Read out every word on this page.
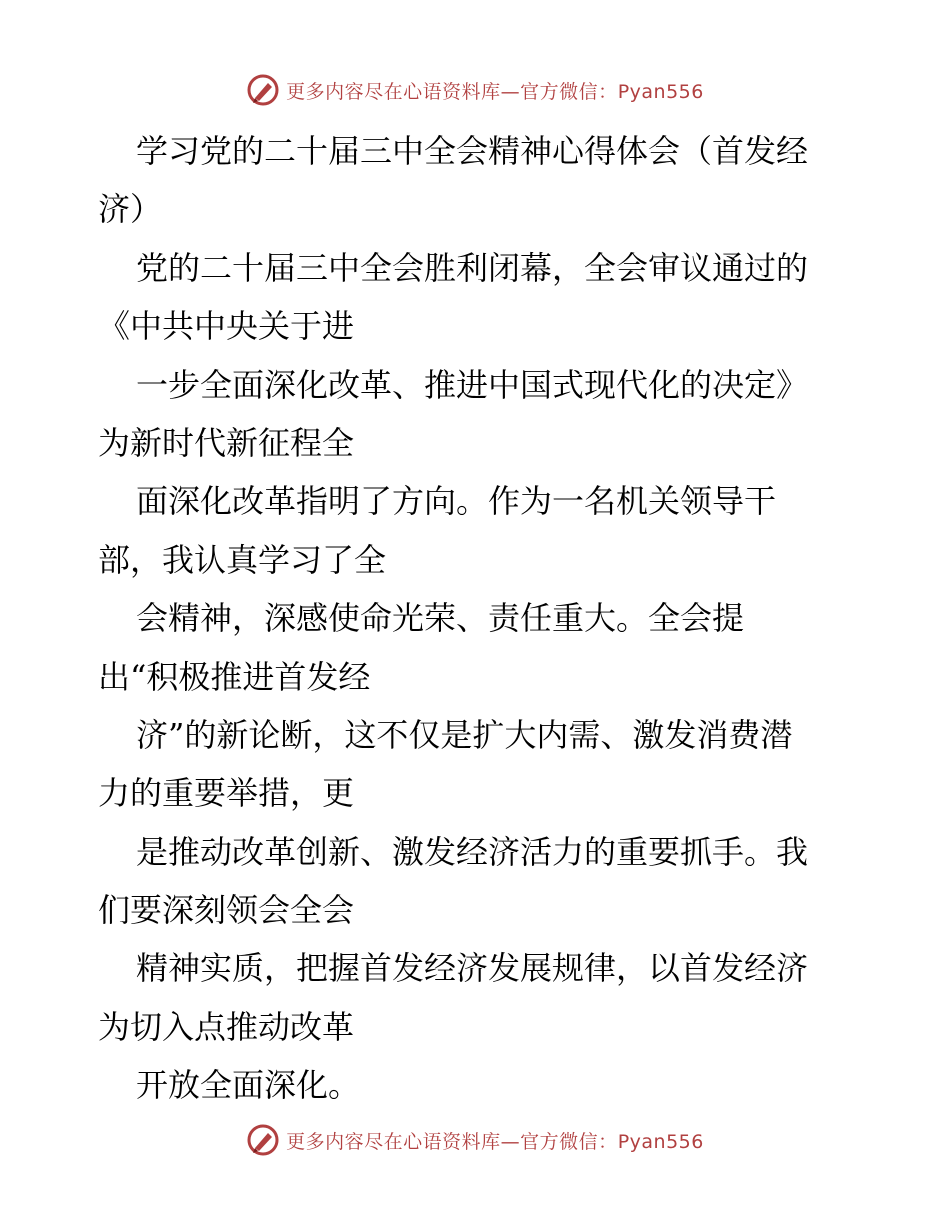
更多内容尽在心语资料库—官方微信：Pyan556
学习党的二十届三中全会精神心得体会（首发经
济）
党的二十届三中全会胜利闭幕，全会审议通过的
《中共中央关于进
一步全面深化改革、推进中国式现代化的决定》
为新时代新征程全
面深化改革指明了方向。作为一名机关领导干
部，我认真学习了全
会精神，深感使命光荣、责任重大。全会提
出“积极推进首发经
济”的新论断，这不仅是扩大内需、激发消费潜
力的重要举措，更
是推动改革创新、激发经济活力的重要抓手。我
们要深刻领会全会
精神实质，把握首发经济发展规律，以首发经济
为切入点推动改革
开放全面深化。
更多内容尽在心语资料库—官方微信：Pyan556
